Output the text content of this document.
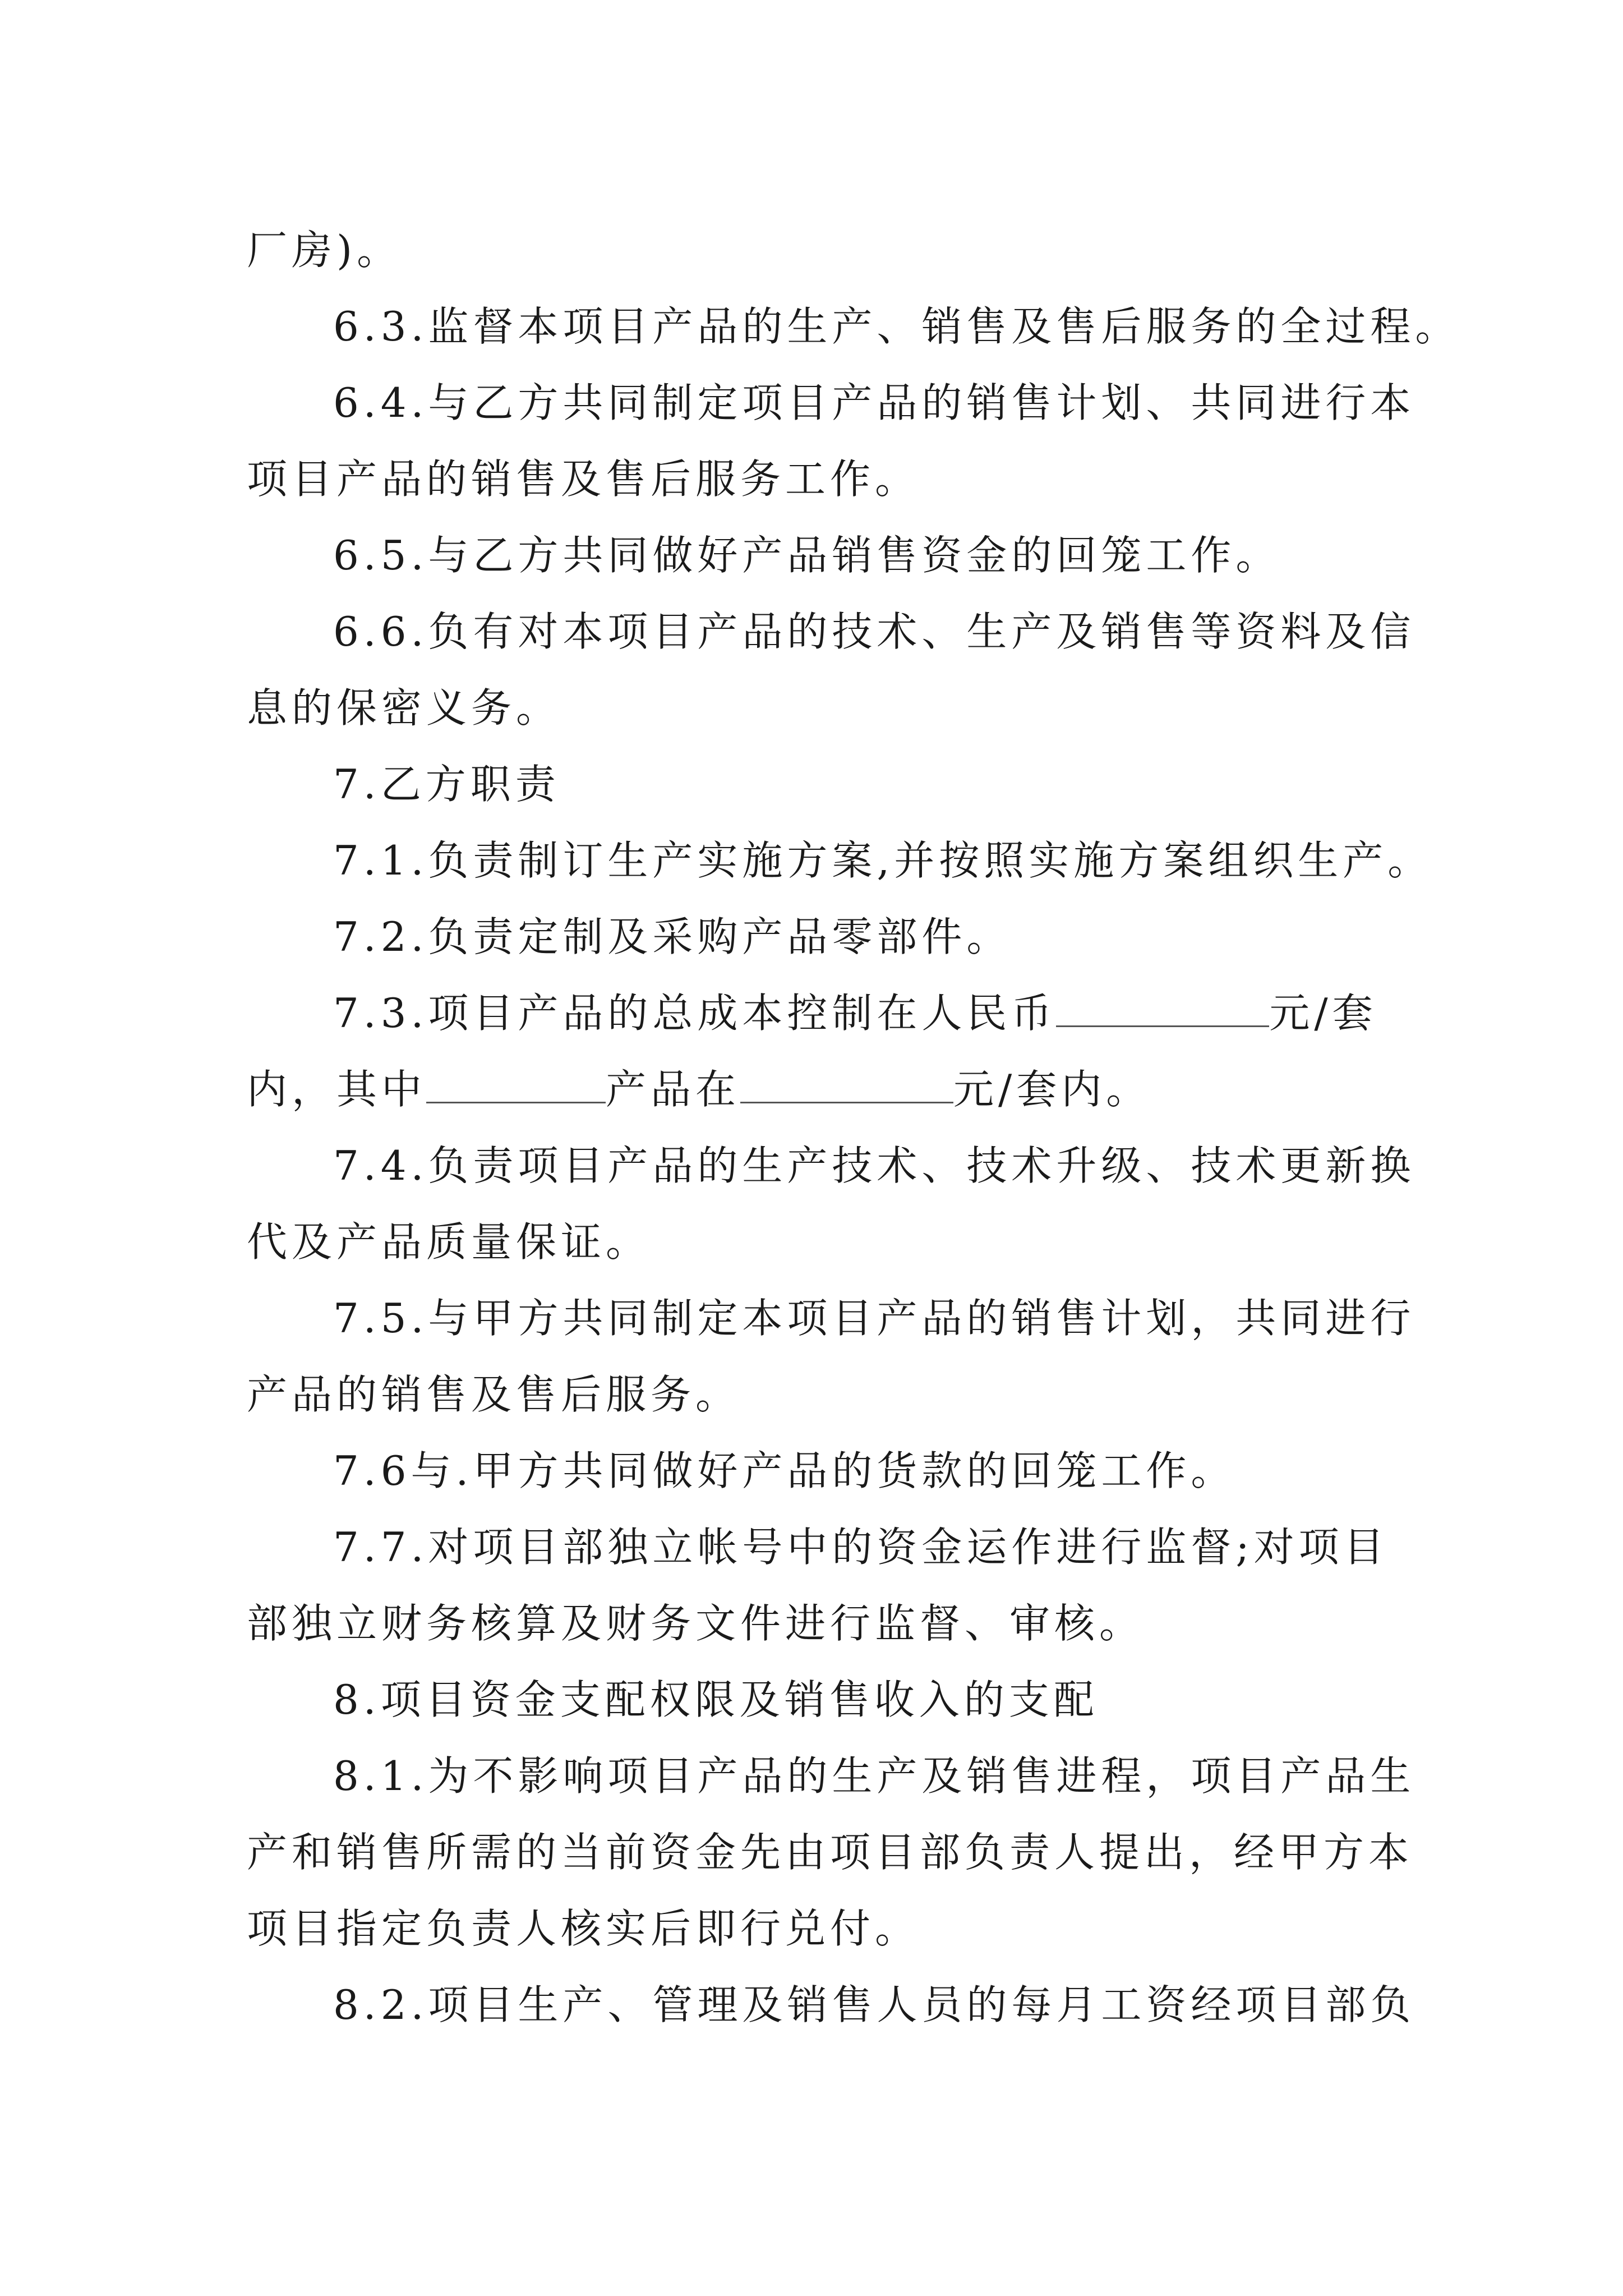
厂房)。
6.3.监督本项目产品的生产、销售及售后服务的全过程。
6.4.与乙方共同制定项目产品的销售计划、共同进行本
项目产品的销售及售后服务工作。
6.5.与乙方共同做好产品销售资金的回笼工作。
6.6.负有对本项目产品的技术、生产及销售等资料及信
息的保密义务。
7.乙方职责
7.1.负责制订生产实施方案,并按照实施方案组织生产。
7.2.负责定制及采购产品零部件。
7.3.项目产品的总成本控制在人民币	元/套
内，其中	产品在	元/套内。
7.4.负责项目产品的生产技术、技术升级、技术更新换
代及产品质量保证。
7.5.与甲方共同制定本项目产品的销售计划，共同进行
产品的销售及售后服务。
7.6与.甲方共同做好产品的货款的回笼工作。
7.7.对项目部独立帐号中的资金运作进行监督;对项目
部独立财务核算及财务文件进行监督、审核。
8.项目资金支配权限及销售收入的支配
8.1.为不影响项目产品的生产及销售进程，项目产品生
产和销售所需的当前资金先由项目部负责人提出，经甲方本
项目指定负责人核实后即行兑付。
8.2.项目生产、管理及销售人员的每月工资经项目部负
